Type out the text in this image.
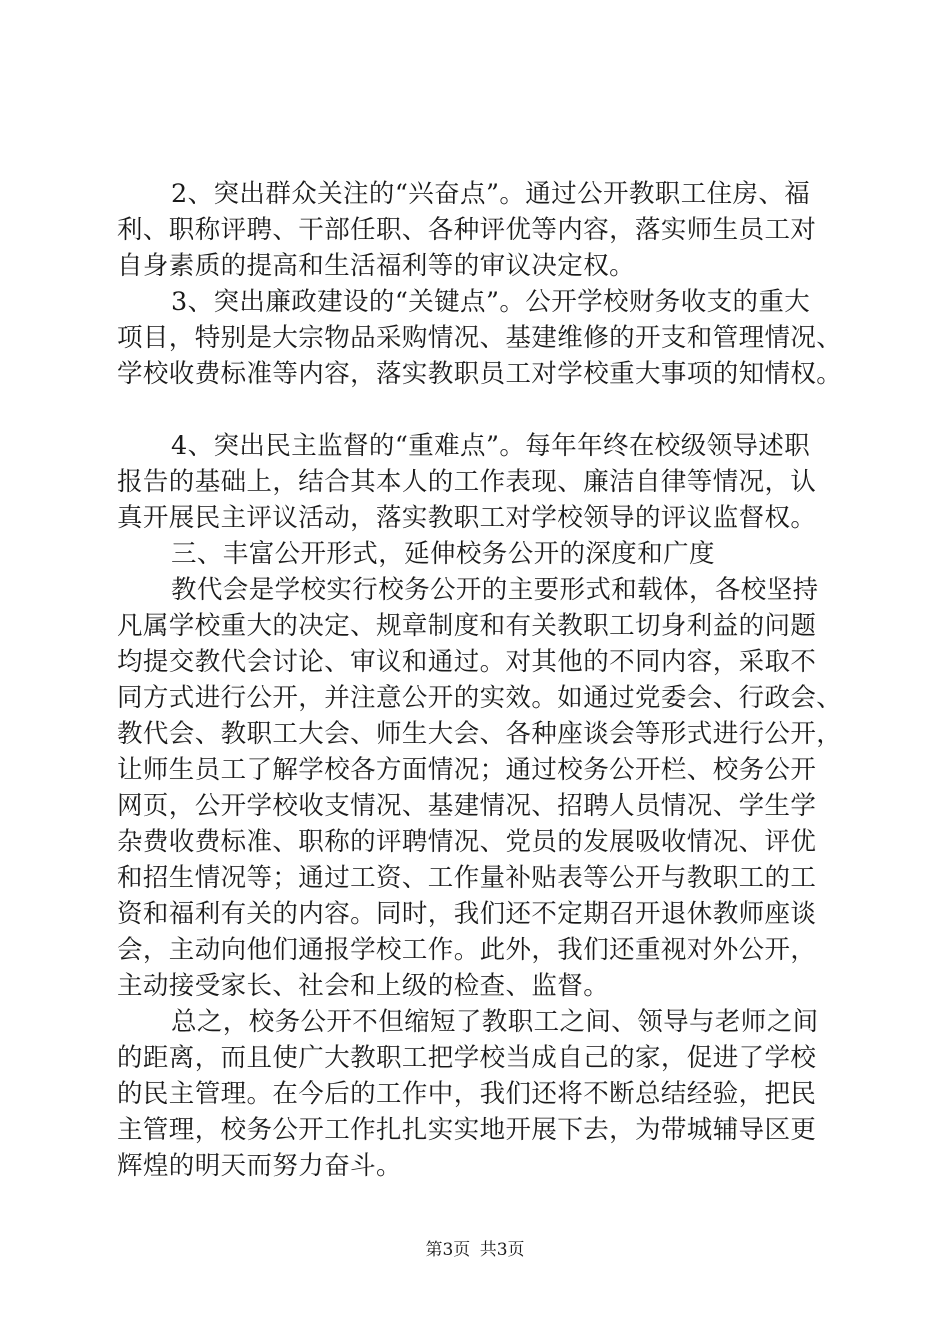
2、突出群众关注的“兴奋点”。通过公开教职工住房、福
利、职称评聘、干部任职、各种评优等内容，落实师生员工对
自身素质的提高和生活福利等的审议决定权。
3、突出廉政建设的“关键点”。公开学校财务收支的重大
项目，特别是大宗物品采购情况、基建维修的开支和管理情况、
学校收费标准等内容，落实教职员工对学校重大事项的知情权。
4、突出民主监督的“重难点”。每年年终在校级领导述职
报告的基础上，结合其本人的工作表现、廉洁自律等情况，认
真开展民主评议活动，落实教职工对学校领导的评议监督权。
三、丰富公开形式，延伸校务公开的深度和广度
教代会是学校实行校务公开的主要形式和载体，各校坚持
凡属学校重大的决定、规章制度和有关教职工切身利益的问题
均提交教代会讨论、审议和通过。对其他的不同内容，采取不
同方式进行公开，并注意公开的实效。如通过党委会、行政会、
教代会、教职工大会、师生大会、各种座谈会等形式进行公开，
让师生员工了解学校各方面情况；通过校务公开栏、校务公开
网页，公开学校收支情况、基建情况、招聘人员情况、学生学
杂费收费标准、职称的评聘情况、党员的发展吸收情况、评优
和招生情况等；通过工资、工作量补贴表等公开与教职工的工
资和福利有关的内容。同时，我们还不定期召开退休教师座谈
会，主动向他们通报学校工作。此外，我们还重视对外公开，
主动接受家长、社会和上级的检查、监督。
总之，校务公开不但缩短了教职工之间、领导与老师之间
的距离，而且使广大教职工把学校当成自己的家，促进了学校
的民主管理。在今后的工作中，我们还将不断总结经验，把民
主管理，校务公开工作扎扎实实地开展下去，为带城辅导区更
辉煌的明天而努力奋斗。
第3页 共3页
